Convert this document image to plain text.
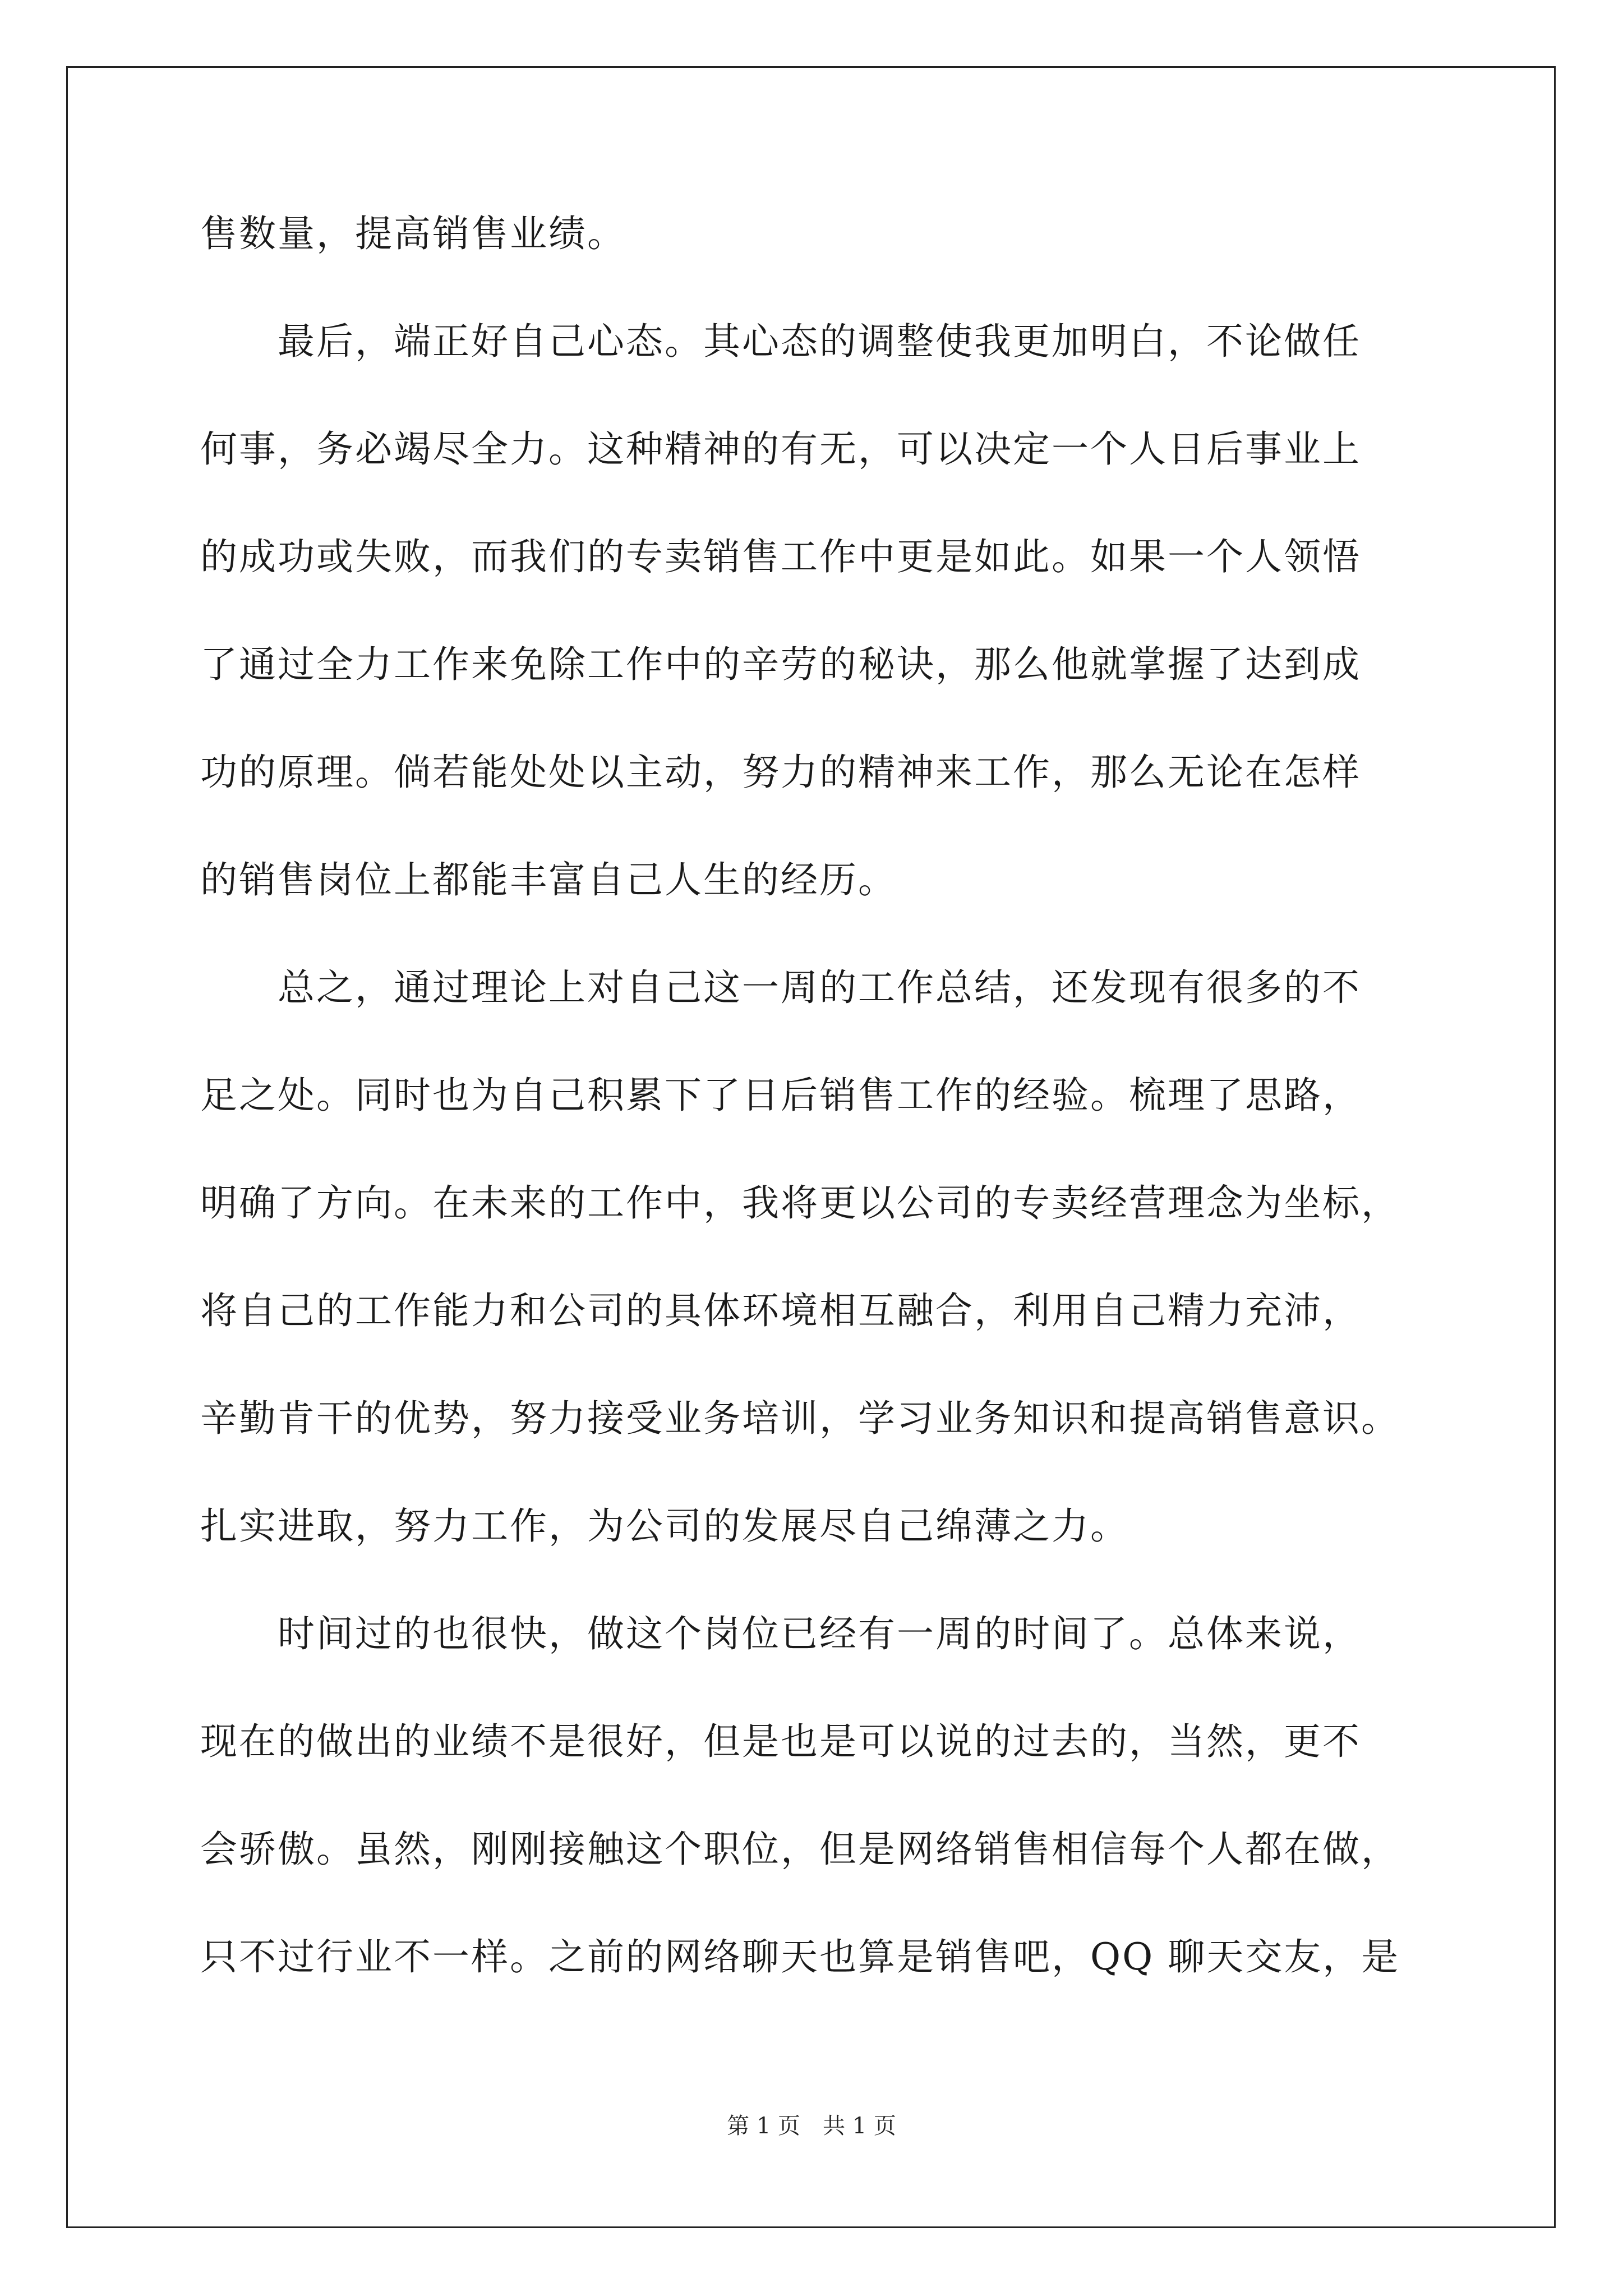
售数量，提高销售业绩。
　　最后，端正好自己心态。其心态的调整使我更加明白，不论做任
何事，务必竭尽全力。这种精神的有无，可以决定一个人日后事业上
的成功或失败，而我们的专卖销售工作中更是如此。如果一个人领悟
了通过全力工作来免除工作中的辛劳的秘诀，那么他就掌握了达到成
功的原理。倘若能处处以主动，努力的精神来工作，那么无论在怎样
的销售岗位上都能丰富自己人生的经历。
　　总之，通过理论上对自己这一周的工作总结，还发现有很多的不
足之处。同时也为自己积累下了日后销售工作的经验。梳理了思路，
明确了方向。在未来的工作中，我将更以公司的专卖经营理念为坐标，
将自己的工作能力和公司的具体环境相互融合，利用自己精力充沛，
辛勤肯干的优势，努力接受业务培训，学习业务知识和提高销售意识。
扎实进取，努力工作，为公司的发展尽自己绵薄之力。
　　时间过的也很快，做这个岗位已经有一周的时间了。总体来说，
现在的做出的业绩不是很好，但是也是可以说的过去的，当然，更不
会骄傲。虽然，刚刚接触这个职位，但是网络销售相信每个人都在做，
只不过行业不一样。之前的网络聊天也算是销售吧，QQ 聊天交友，是
第 1 页 共 1 页
